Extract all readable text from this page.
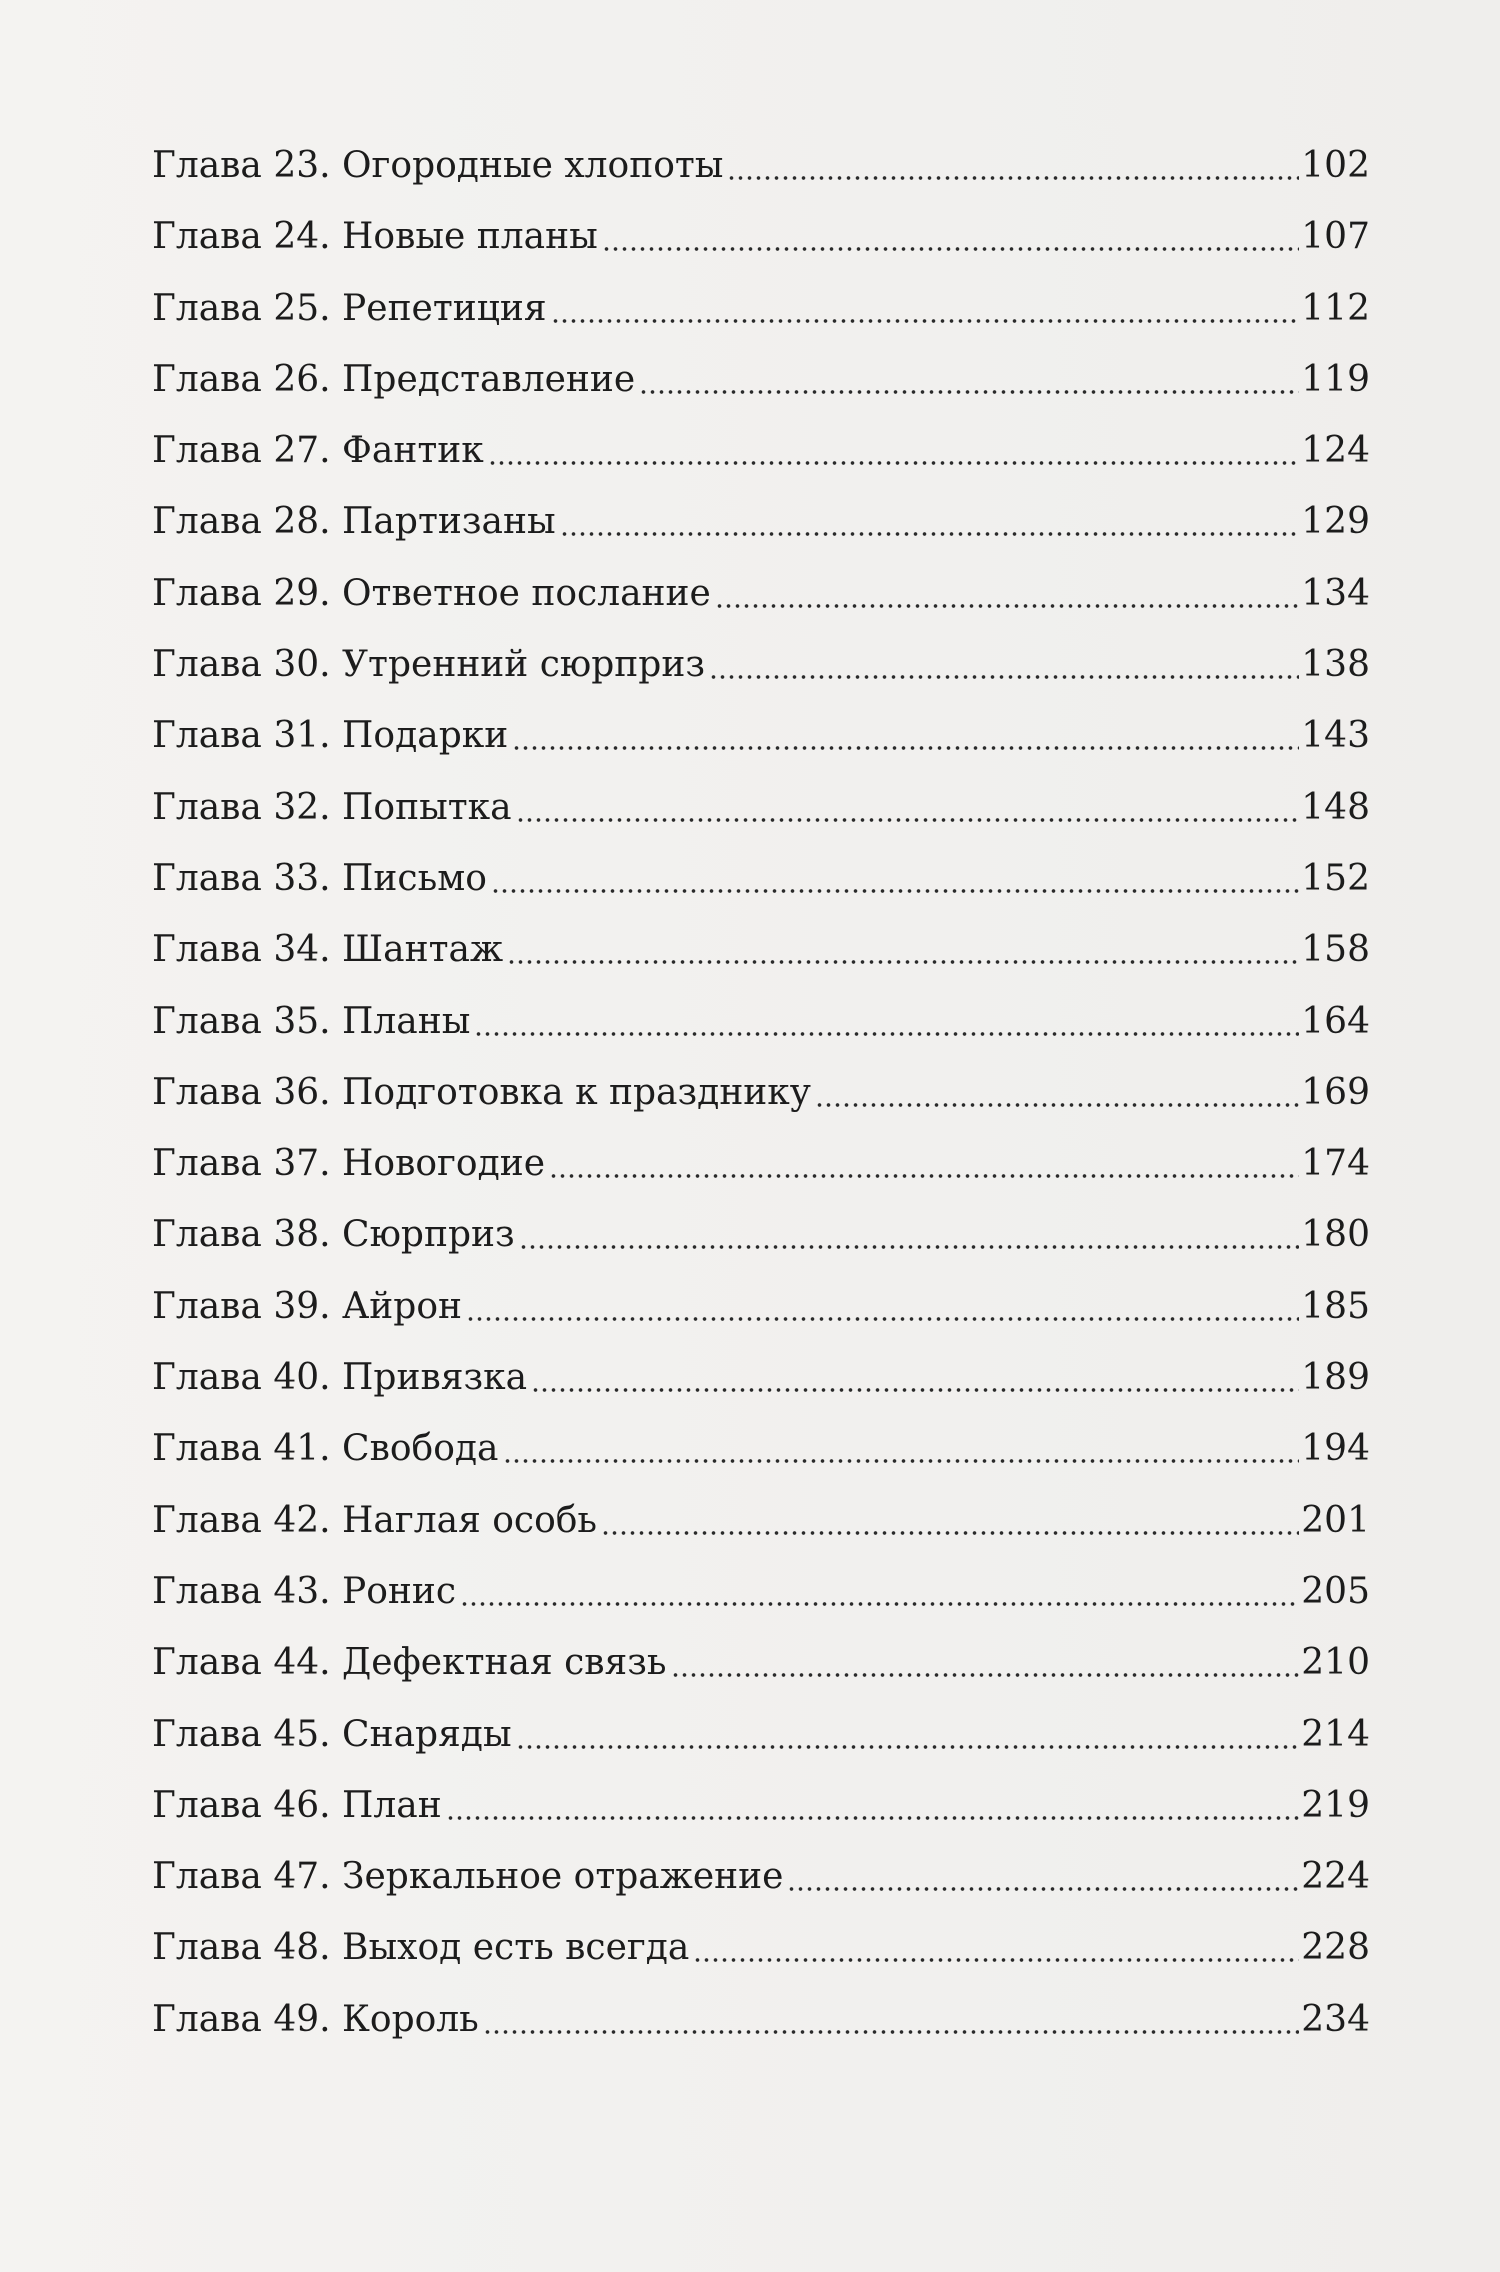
Глава 23. Огородные хлопоты	102
Глава 24. Новые планы	107
Глава 25. Репетиция	112
Глава 26. Представление	119
Глава 27. Фантик	124
Глава 28. Партизаны	129
Глава 29. Ответное послание	134
Глава 30. Утренний сюрприз	138
Глава 31. Подарки	143
Глава 32. Попытка	148
Глава 33. Письмо	152
Глава 34. Шантаж	158
Глава 35. Планы	164
Глава 36. Подготовка к празднику	169
Глава 37. Новогодие	174
Глава 38. Сюрприз	180
Глава 39. Айрон	185
Глава 40. Привязка	189
Глава 41. Свобода	194
Глава 42. Наглая особь	201
Глава 43. Ронис	205
Глава 44. Дефектная связь	210
Глава 45. Снаряды	214
Глава 46. План	219
Глава 47. Зеркальное отражение	224
Глава 48. Выход есть всегда	228
Глава 49. Король	234
